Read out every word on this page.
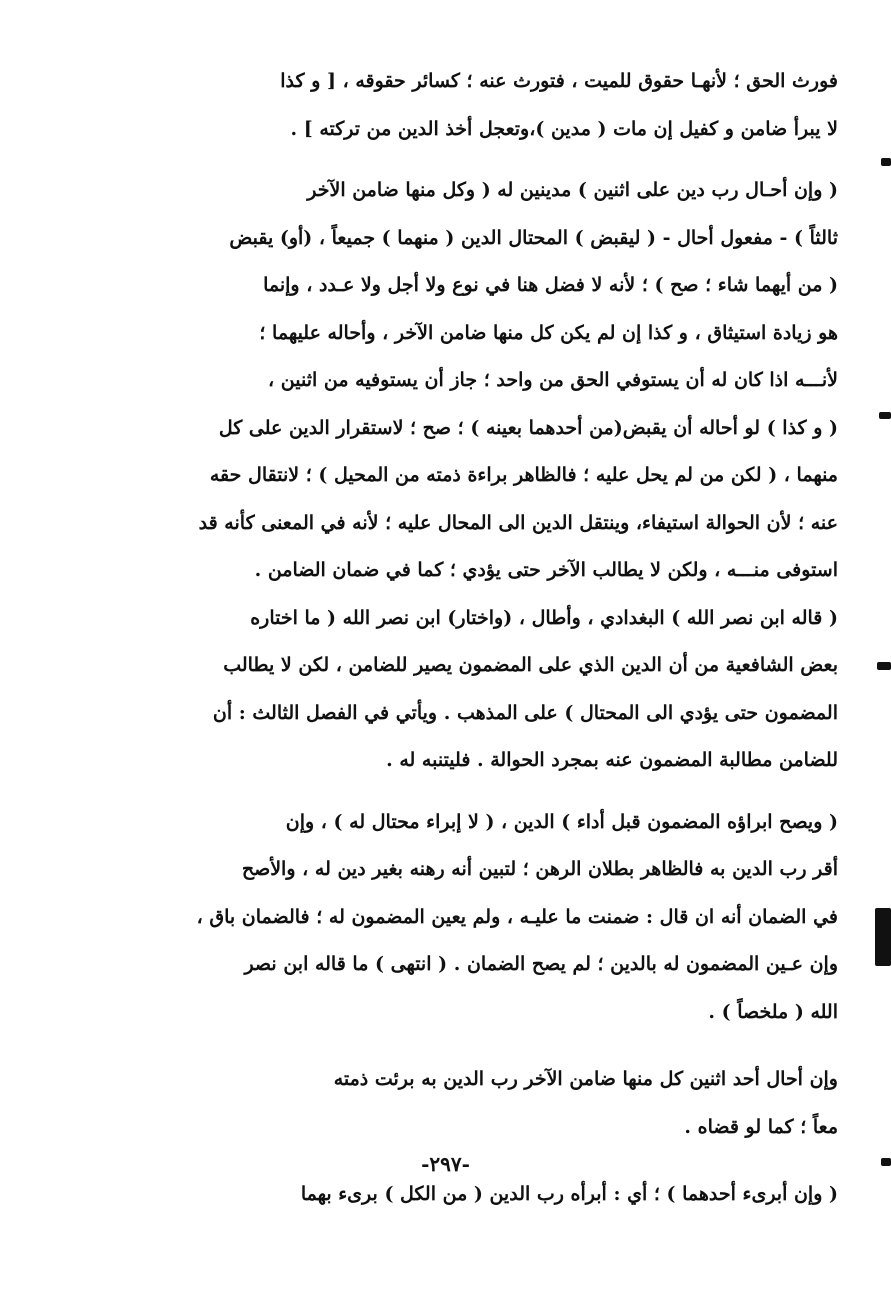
فورث الحق ؛ لأنهـا حقوق للميت ، فتورث عنه ؛ كسائر حقوقه ، [ و كذا
لا يبرأ ضامن و كفيل إن مات ( مدين )،وتعجل أخذ الدين من تركته ] .
( وإن أحـال رب دين على اثنين ) مدينين له ( وكل منها ضامن الآخر
ثالثاً ) - مفعول أحال - ( ليقبض ) المحتال الدين ( منهما ) جميعاً ، (أو) يقبض
( من أيهما شاء ؛ صح ) ؛ لأنه لا فضل هنا في نوع ولا أجل ولا عـدد ، وإنما
هو زيادة استيثاق ، و كذا إن لم يكن كل منها ضامن الآخر ، وأحاله عليهما ؛
لأنـــه اذا كان له أن يستوفي الحق من واحد ؛ جاز أن يستوفيه من اثنين ،
( و كذا ) لو أحاله أن يقبض(من أحدهما بعينه ) ؛ صح ؛ لاستقرار الدين على كل
منهما ، ( لكن من لم يحل عليه ؛ فالظاهر براءة ذمته من المحيل ) ؛ لانتقال حقه
عنه ؛ لأن الحوالة استيفاء، وينتقل الدين الى المحال عليه ؛ لأنه في المعنى كأنه قد
استوفى منـــه ، ولكن لا يطالب الآخر حتى يؤدي ؛ كما في ضمان الضامن .
( قاله ابن نصر الله ) البغدادي ، وأطال ، (واختار) ابن نصر الله ( ما اختاره
بعض الشافعية من أن الدين الذي على المضمون يصير للضامن ، لكن لا يطالب
المضمون حتى يؤدي الى المحتال ) على المذهب . ويأتي في الفصل الثالث : أن
للضامن مطالبة المضمون عنه بمجرد الحوالة . فليتنبه له .
( ويصح ابراؤه المضمون قبل أداء ) الدين ، ( لا إبراء محتال له ) ، وإن
أقر رب الدين به فالظاهر بطلان الرهن ؛ لتبين أنه رهنه بغير دين له ، والأصح
في الضمان أنه ان قال : ضمنت ما عليـه ، ولم يعين المضمون له ؛ فالضمان باق ،
وإن عـين المضمون له بالدين ؛ لم يصح الضمان . ( انتهى ) ما قاله ابن نصر
الله ( ملخصاً ) .
وإن أحال أحد اثنين كل منها ضامن الآخر رب الدين به برئت ذمته
معاً ؛ كما لو قضاه .
( وإن أبرىء أحدهما ) ؛ أي : أبرأه رب الدين ( من الكل ) برىء بهما
-٢٩٧-
